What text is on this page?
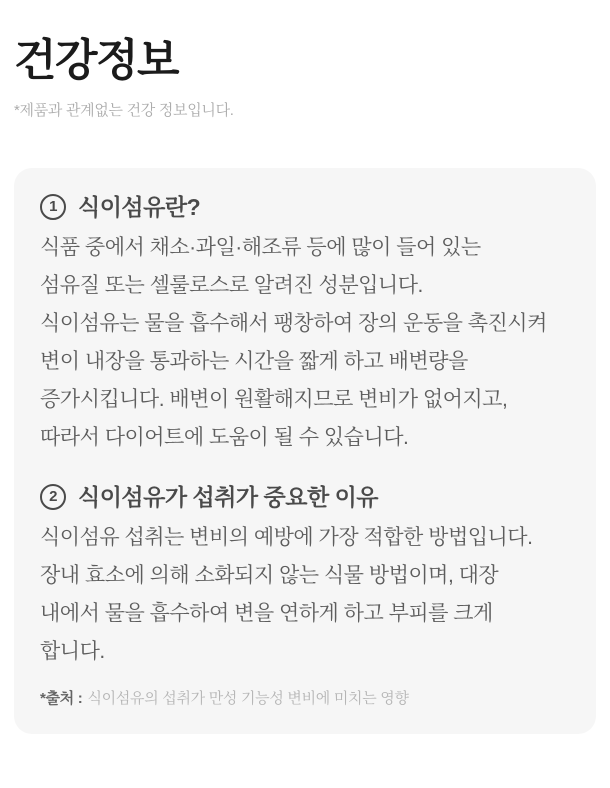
건강정보
*제품과 관계없는 건강 정보입니다.
1 식이섬유란?
식품 중에서 채소·과일·해조류 등에 많이 들어 있는
섬유질 또는 셀룰로스로 알려진 성분입니다.
식이섬유는 물을 흡수해서 팽창하여 장의 운동을 촉진시켜
변이 내장을 통과하는 시간을 짧게 하고 배변량을
증가시킵니다. 배변이 원활해지므로 변비가 없어지고,
따라서 다이어트에 도움이 될 수 있습니다.
2 식이섬유가 섭취가 중요한 이유
식이섬유 섭취는 변비의 예방에 가장 적합한 방법입니다.
장내 효소에 의해 소화되지 않는 식물 방법이며, 대장
내에서 물을 흡수하여 변을 연하게 하고 부피를 크게
합니다.
*출처 : 식이섬유의 섭취가 만성 기능성 변비에 미치는 영향
